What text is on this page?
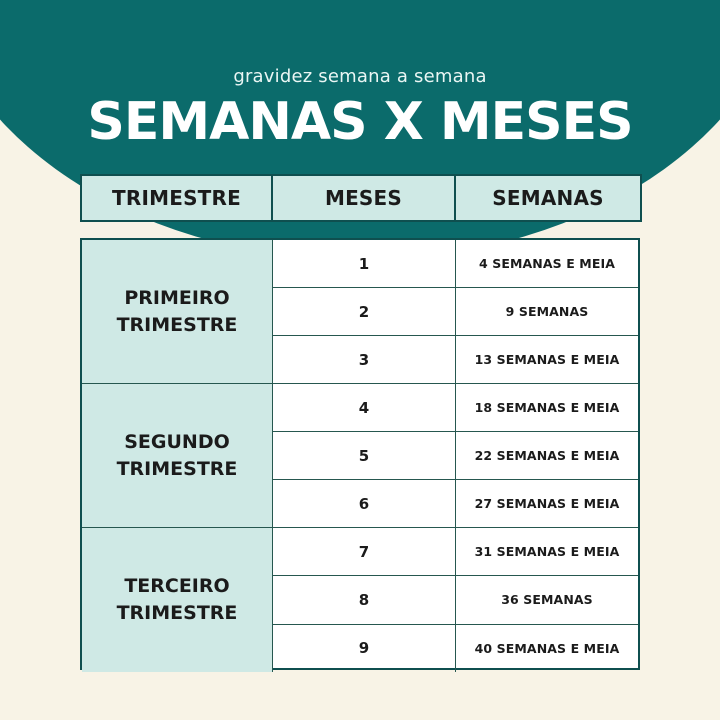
gravidez semana a semana
SEMANAS X MESES
TRIMESTRE	MESES	SEMANAS
PRIMEIRO
TRIMESTRE
1	4 SEMANAS E MEIA
2	9 SEMANAS
3	13 SEMANAS E MEIA
SEGUNDO
TRIMESTRE
4	18 SEMANAS E MEIA
5	22 SEMANAS E MEIA
6	27 SEMANAS E MEIA
TERCEIRO
TRIMESTRE
7	31 SEMANAS E MEIA
8	36 SEMANAS
9	40 SEMANAS E MEIA
